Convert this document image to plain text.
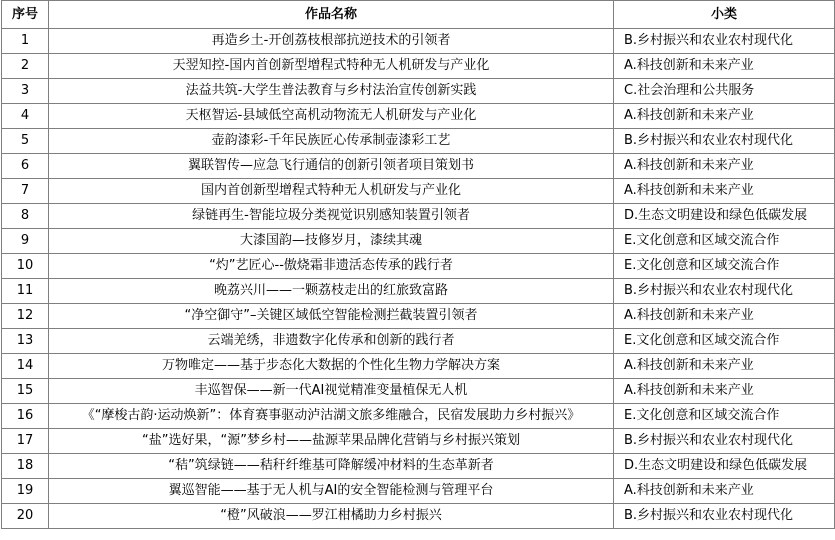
序号	作品名称	小类
1	再造乡土-开创荔枝根部抗逆技术的引领者	B.乡村振兴和农业农村现代化
2	天翌知控-国内首创新型增程式特种无人机研发与产业化	A.科技创新和未来产业
3	法益共筑-大学生普法教育与乡村法治宣传创新实践	C.社会治理和公共服务
4	天枢智运-县域低空高机动物流无人机研发与产业化	A.科技创新和未来产业
5	壶韵漆彩-千年民族匠心传承制壶漆彩工艺	B.乡村振兴和农业农村现代化
6	翼联智传—应急飞行通信的创新引领者项目策划书	A.科技创新和未来产业
7	国内首创新型增程式特种无人机研发与产业化	A.科技创新和未来产业
8	绿链再生-智能垃圾分类视觉识别感知装置引领者	D.生态文明建设和绿色低碳发展
9	大漆国韵—技修岁月，漆续其魂	E.文化创意和区域交流合作
10	“灼”艺匠心--傲烧霜非遗活态传承的践行者	E.文化创意和区域交流合作
11	晚荔兴川——一颗荔枝走出的红旅致富路	B.乡村振兴和农业农村现代化
12	“净空御守”–关键区域低空智能检测拦截装置引领者	A.科技创新和未来产业
13	云端羌绣，非遗数字化传承和创新的践行者	E.文化创意和区域交流合作
14	万物唯定——基于步态化大数据的个性化生物力学解决方案	A.科技创新和未来产业
15	丰巡智保——新一代AI视觉精准变量植保无人机	A.科技创新和未来产业
16	《“摩梭古韵·运动焕新”：体育赛事驱动泸沽湖文旅多维融合，民宿发展助力乡村振兴》	E.文化创意和区域交流合作
17	“盐”选好果，“源”梦乡村——盐源苹果品牌化营销与乡村振兴策划	B.乡村振兴和农业农村现代化
18	“秸”筑绿链——秸秆纤维基可降解缓冲材料的生态革新者	D.生态文明建设和绿色低碳发展
19	翼巡智能——基于无人机与AI的安全智能检测与管理平台	A.科技创新和未来产业
20	“橙”风破浪——罗江柑橘助力乡村振兴	B.乡村振兴和农业农村现代化
